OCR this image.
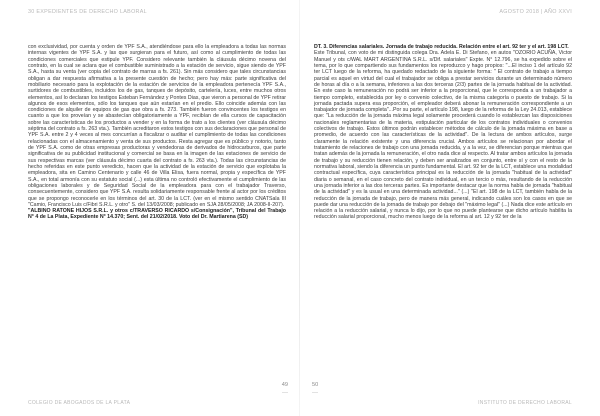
30 EXPEDIENTES DE DERECHO LABORAL

con exclusividad, por cuenta y orden de YPF S.A., atendiéndose para ello la empleadora a todas las normas internas vigentes de YPF S.A. y las que surgieran para el futuro, así como al cumplimiento de todas las condiciones comerciales que estipule YPF. Considero relevante también la cláusula décimo novena del contrato, en la cual se aclara que el combustible suministrado a la estación de servicio, sigue siendo de YPF S.A., hasta su venta (ver copia del contrato de marras a fs. 261). Sin más considero que tales circunstancias obligan a dar respuesta afirmativa a la presente cuestión de hecho; pero hay más: parte significativa del mobiliario necesario para la explotación de la estación de servicios de la empleadora pertenecía YPF S.A., surtidores de combustibles, incluidos los de gas, tanques de depósito, cartelería, luces, entre muchos otros elementos, así lo declaran los testigos Esteban Fernández y Pontes Dias, que vieron a personal de YPF retirar algunos de esos elementos, sólo los tanques que aún estarían en el predio. Ello coincide además con las condiciones de alquiler de equipos de gas que obra a fs. 273. También fueron convincentes los testigos en cuanto a que los proveían y se abastecían obligatoriamente a YPF, recibían de ella cursos de capacitación sobre las características de los productos a vender y en la forma de trato a los clientes (ver cláusula décimo séptima del contrato a fs. 263 vta.). También acreditaron estos testigos con sus declaraciones que personal de YPF S.A. entre 2 y 4 veces al mes concurrían a fiscalizar o auditar el cumplimiento de todas las condiciones relacionadas con el almacenamiento y venta de sus productos. Resta agregar que es público y notorio, tanto de YPF S.A. como de otras empresas productoras y vendedoras de derivados de hidrocarburos, que parte significativa de su publicidad institucional y comercial se basa en la imagen de las estaciones de servicio de sus respectivas marcas (ver cláusula décimo cuarta del contrato a fs. 263 vta.). Todas las circunstancias de hecho referidas en este punto veredicto, hacen que la actividad de la estación de servicio que explotaba la empleadora, sita en Camino Centenario y calle 46 de Villa Elisa, fuera normal, propia y específica de YPF S.A., en total armonía con su estatuto social (...) esta última no controló efectivamente el cumplimiento de las obligaciones laborales y de Seguridad Social de la empleadora para con el trabajador Traverso, consecuentemente, considero que YPF S.A. resulta solidariamente responsable frente al actor por los créditos que se propongo reconocerle en los términos del art. 30 de la LCT. (ver en el mismo sentido CNATSala III "Camio, Francisco Luis c/Fibri S.R.L. y otro" S. del 13/03/2008; publicado en SJA 28/05/2008; JA 2008-II-207).

"ALBINO RATONE HIJOS S.R.L. y otros c/TRAVERSO RICARDO s/Consignación", Tribunal del Trabajo N° 4 de La Plata, Expediente N° 14.370; Sent. del 21/02/2018. Voto del Dr. Martiarena (SD)

49
COLEGIO DE ABOGADOS DE LA PLATA
AGOSTO 2018 | AÑO XXVI

DT. 3. Diferencias salariales. Jornada de trabajo reducida. Relación entre el art. 92 ter y el art. 198 LCT.

Este Tribunal, con voto de mi distinguida colega Dra. Adela E. Di Stefano, en autos "OZORIO ACUÑA, Victor Manuel y ots c/WAL MART ARGENTINA S.R.L. s/Dif. salariales" Expte. N° 12.796, se ha expedido sobre el tema, por lo que compartiendo sus fundamentos los reproduzco y hago propios: "...El inciso 1 del artículo 92 ter LCT luego de la reforma, ha quedado redactado de la siguiente forma: " El contrato de trabajo a tiempo parcial es aquel en virtud del cual el trabajador se obliga a prestar servicios durante un determinado número de horas al día o a la semana, inferiores a las dos terceras (2/3) partes de la jornada habitual de la actividad. En este caso la remuneración no podrá ser inferior a la proporcional, que le corresponda a un trabajador a tiempo completo, establecida por ley o convenio colectivo, de la misma categoría o puesto de trabajo. Si la jornada pactada supera esa proporción, el empleador deberá abonar la remuneración correspondiente a un trabajador de jornada completa"...Por su parte, el artículo 198, luego de la reforma de la Ley 24.013, establece que: "La reducción de la jornada máxima legal solamente procederá cuando lo establezcan las disposiciones nacionales reglamentarias de la materia, estipulación particular de los contratos individuales o convenios colectivos de trabajo. Estos últimos podrán establecer métodos de cálculo de la jornada máxima en base a promedio, de acuerdo con las características de la actividad". De la lectura de ambos artículos, surge claramente la relación existente y una diferencia crucial. Ambos artículos se relacionan por abordar el tratamiento de relaciones de trabajo con una jornada reducida, y a la vez, se diferencian porque mientras que tratan además de la jornada la remuneración, el otro nada dice al respecto. Al tratar ambos artículos la jornada de trabajo y su reducción tienen relación, y deben ser analizados en conjunto, entre sí y con el resto de la normativa laboral, siendo la diferencia un punto fundamental. El art. 92 ter de la LCT, establece una modalidad contractual específica, cuya característica principal es la reducción de la jornada "habitual de la actividad" diaria o semanal, en el caso concreto del contrato individual, en un tercio o más, resultando de la reducción una jornada inferior a las dos terceras partes. Es importante destacar que la norma habla de jornada "habitual de la actividad" y es la usual en una determinada actividad..." (...) "El art. 198 de la LCT, también habla de la reducción de la jornada de trabajo, pero de manera más general, indicando cuáles son los casos en que se puede dar una reducción de la jornada de trabajo por debajo del "máximo legal" (...) Nada dice este artículo en relación a la reducción salarial, y nunca lo dijo, por lo que no puede plantearse que dicho artículo habilita la reducción salarial proporcional, mucho menos luego de la reforma al art. 12 y 92 ter de la

50
INSTITUTO DE DERECHO LABORAL
